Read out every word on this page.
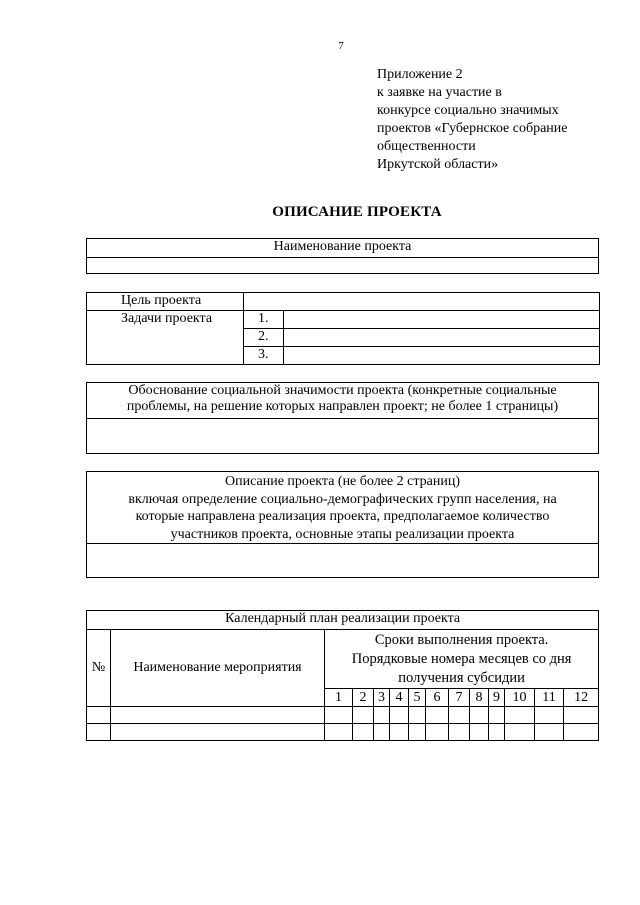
7
Приложение 2
к заявке на участие в
конкурсе социально значимых
проектов «Губернское собрание
общественности
Иркутской области»
ОПИСАНИЕ ПРОЕКТА
Наименование проекта

Цель проекта		
Задачи проекта	1.	
	2.	
	3.	
Обоснование социальной значимости проекта (конкретные социальные
проблемы, на решение которых направлен проект; не более 1 страницы)

Описание проекта (не более 2 страниц)
включая определение социально-демографических групп населения, на
которые направлена реализация проекта, предполагаемое количество
участников проекта, основные этапы реализации проекта

Календарный план реализации проекта													
№	Наименование мероприятия	Сроки выполнения проекта.
Порядковые номера месяцев со дня
получения субсидии											

		1	2	3	4	5	6	7	8	9	10	11	12
